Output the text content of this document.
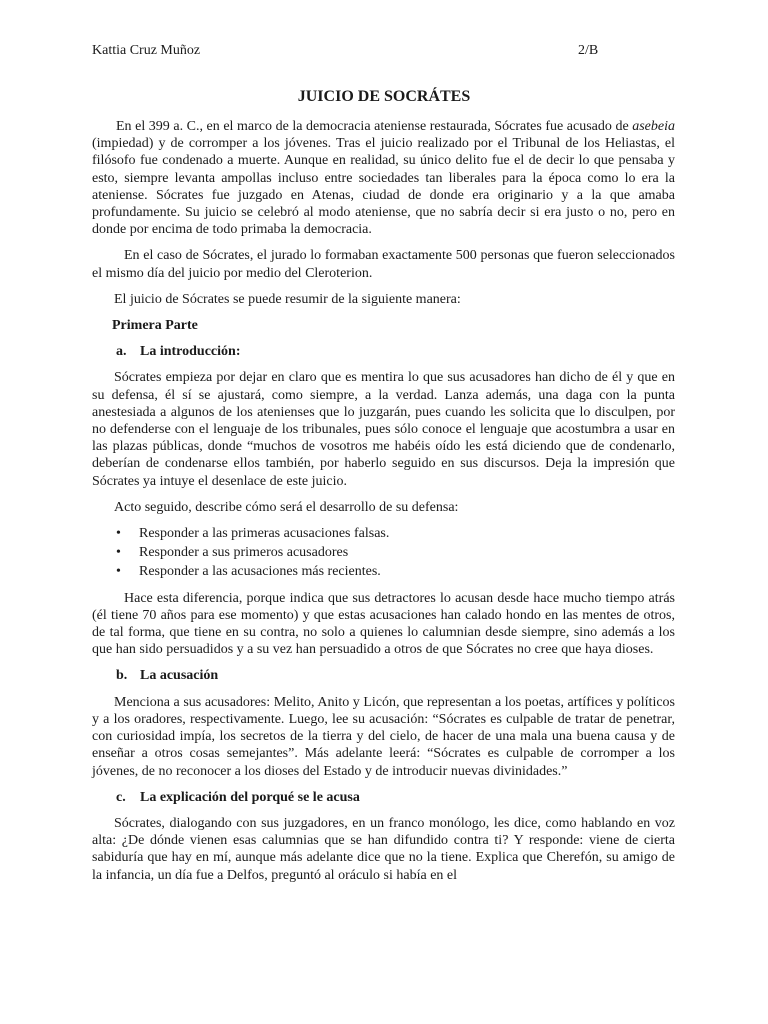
Kattia Cruz Muñoz	2/B
JUICIO DE SOCRÁTES

En el 399 a. C., en el marco de la democracia ateniense restaurada, Sócrates fue acusado de asebeia (impiedad) y de corromper a los jóvenes. Tras el juicio realizado por el Tribunal de los Heliastas, el filósofo fue condenado a muerte. Aunque en realidad, su único delito fue el de decir lo que pensaba y esto, siempre levanta ampollas incluso entre sociedades tan liberales para la época como lo era la ateniense. Sócrates fue juzgado en Atenas, ciudad de donde era originario y a la que amaba profundamente. Su juicio se celebró al modo ateniense, que no sabría decir si era justo o no, pero en donde por encima de todo primaba la democracia.

En el caso de Sócrates, el jurado lo formaban exactamente 500 personas que fueron seleccionados el mismo día del juicio por medio del Cleroterion.

El juicio de Sócrates se puede resumir de la siguiente manera:

Primera Parte
a. La introducción:

Sócrates empieza por dejar en claro que es mentira lo que sus acusadores han dicho de él y que en su defensa, él sí se ajustará, como siempre, a la verdad. Lanza además, una daga con la punta anestesiada a algunos de los atenienses que lo juzgarán, pues cuando les solicita que lo disculpen, por no defenderse con el lenguaje de los tribunales, pues sólo conoce el lenguaje que acostumbra a usar en las plazas públicas, donde “muchos de vosotros me habéis oído les está diciendo que de condenarlo, deberían de condenarse ellos también, por haberlo seguido en sus discursos. Deja la impresión que Sócrates ya intuye el desenlace de este juicio.

Acto seguido, describe cómo será el desarrollo de su defensa:

• Responder a las primeras acusaciones falsas.
• Responder a sus primeros acusadores
• Responder a las acusaciones más recientes.

Hace esta diferencia, porque indica que sus detractores lo acusan desde hace mucho tiempo atrás (él tiene 70 años para ese momento) y que estas acusaciones han calado hondo en las mentes de otros, de tal forma, que tiene en su contra, no solo a quienes lo calumnian desde siempre, sino además a los que han sido persuadidos y a su vez han persuadido a otros de que Sócrates no cree que haya dioses.

b. La acusación

Menciona a sus acusadores: Melito, Anito y Licón, que representan a los poetas, artífices y políticos y a los oradores, respectivamente. Luego, lee su acusación: “Sócrates es culpable de tratar de penetrar, con curiosidad impía, los secretos de la tierra y del cielo, de hacer de una mala una buena causa y de enseñar a otros cosas semejantes”. Más adelante leerá: “Sócrates es culpable de corromper a los jóvenes, de no reconocer a los dioses del Estado y de introducir nuevas divinidades.”

c. La explicación del porqué se le acusa

Sócrates, dialogando con sus juzgadores, en un franco monólogo, les dice, como hablando en voz alta: ¿De dónde vienen esas calumnias que se han difundido contra ti? Y responde: viene de cierta sabiduría que hay en mí, aunque más adelante dice que no la tiene. Explica que Cherefón, su amigo de la infancia, un día fue a Delfos, preguntó al oráculo si había en el
